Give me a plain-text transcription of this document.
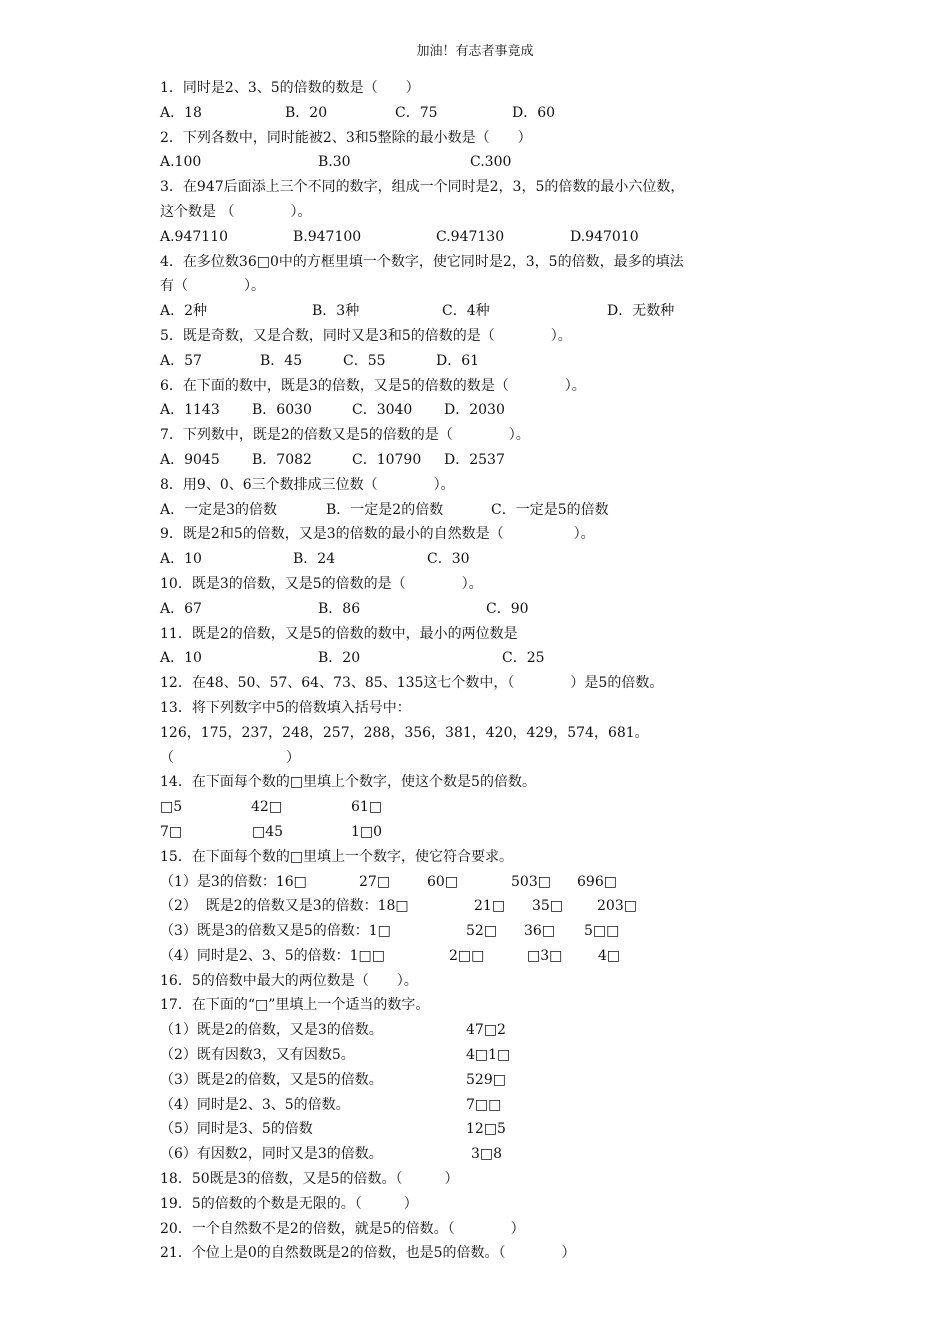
加油！有志者事竟成
1．同时是2、3、5的倍数的数是（　　）
A．18	B．20	C．75	D．60
2．下列各数中，同时能被2、3和5整除的最小数是（　　）
A.100	B.30	C.300
3．在947后面添上三个不同的数字，组成一个同时是2，3，5的倍数的最小六位数，
这个数是 （　　　　）。
A.947110	B.947100	C.947130	D.947010
4．在多位数36□0中的方框里填一个数字，使它同时是2，3，5的倍数，最多的填法
有（　　　　）。
A．2种	B．3种	C．4种	D．无数种
5．既是奇数，又是合数，同时又是3和5的倍数的是（　　　　）。
A．57	B．45	C．55	D．61
6．在下面的数中，既是3的倍数，又是5的倍数的数是（　　　　）。
A．1143 B．6030	C．3040 D．2030
7．下列数中，既是2的倍数又是5的倍数的是（　　　　）。
A．9045 B．7082	C．10790 D．2537
8．用9、0、6三个数排成三位数（　　　　）。
A．一定是3的倍数	B．一定是2的倍数	C．一定是5的倍数
9．既是2和5的倍数，又是3的倍数的最小的自然数是（　　　　　）。
A．10	B．24	C．30
10．既是3的倍数，又是5的倍数的是（　　　　）。
A．67	B．86	C．90
11．既是2的倍数，又是5的倍数的数中，最小的两位数是
A．10	B．20	C．25
12．在48、50、57、64、73、85、135这七个数中，（　　　　）是5的倍数。
13．将下列数字中5的倍数填入括号中：
126，175，237，248，257，288，356，381，420，429，574，681。
（　　　　　　　　）
14．在下面每个数的□里填上个数字，使这个数是5的倍数。
□5	42□	61□
7□	□45	1□0
15．在下面每个数的□里填上一个数字，使它符合要求。
（1）是3的倍数：16□	27□	60□	503□ 696□
（2）  既是2的倍数又是3的倍数：18□	21□ 35□ 203□
（3）既是3的倍数又是5的倍数：1□	52□ 36□ 5□□
（4）同时是2、3、5的倍数：1□□	2□□	□3□	4□
16．5的倍数中最大的两位数是（　　）。
17．在下面的“□”里填上一个适当的数字。
（1）既是2的倍数，又是3的倍数。	47□2
（2）既有因数3，又有因数5。	4□1□
（3）既是2的倍数，又是5的倍数。	529□
（4）同时是2、3、5的倍数。	7□□
（5）同时是3、5的倍数	12□5
（6）有因数2，同时又是3的倍数。	3□8
18．50既是3的倍数，又是5的倍数。（　　　）
19．5的倍数的个数是无限的。（　　　）
20．一个自然数不是2的倍数，就是5的倍数。（　　　　）
21．个位上是0的自然数既是2的倍数，也是5的倍数。（　　　　）
